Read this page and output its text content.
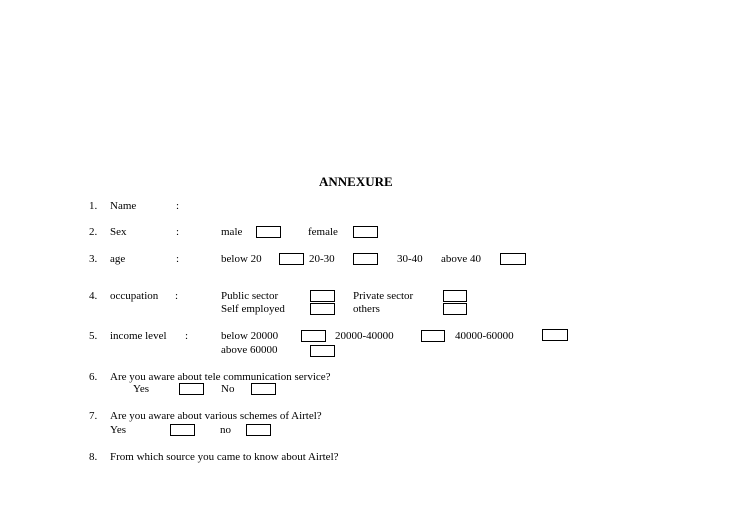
ANNEXURE
1. Name	:
2. Sex	:	male	female
3. age	:	below 20	20-30	30-40 above 40
4. occupation :	Public sector	Private sector
Self employed	others
5. income level :	below 20000	20000-40000	40000-60000
above 60000
6. Are you aware about tele communication service?
Yes	No
7. Are you aware about various schemes of Airtel?
Yes	no
8. From which source you came to know about Airtel?
